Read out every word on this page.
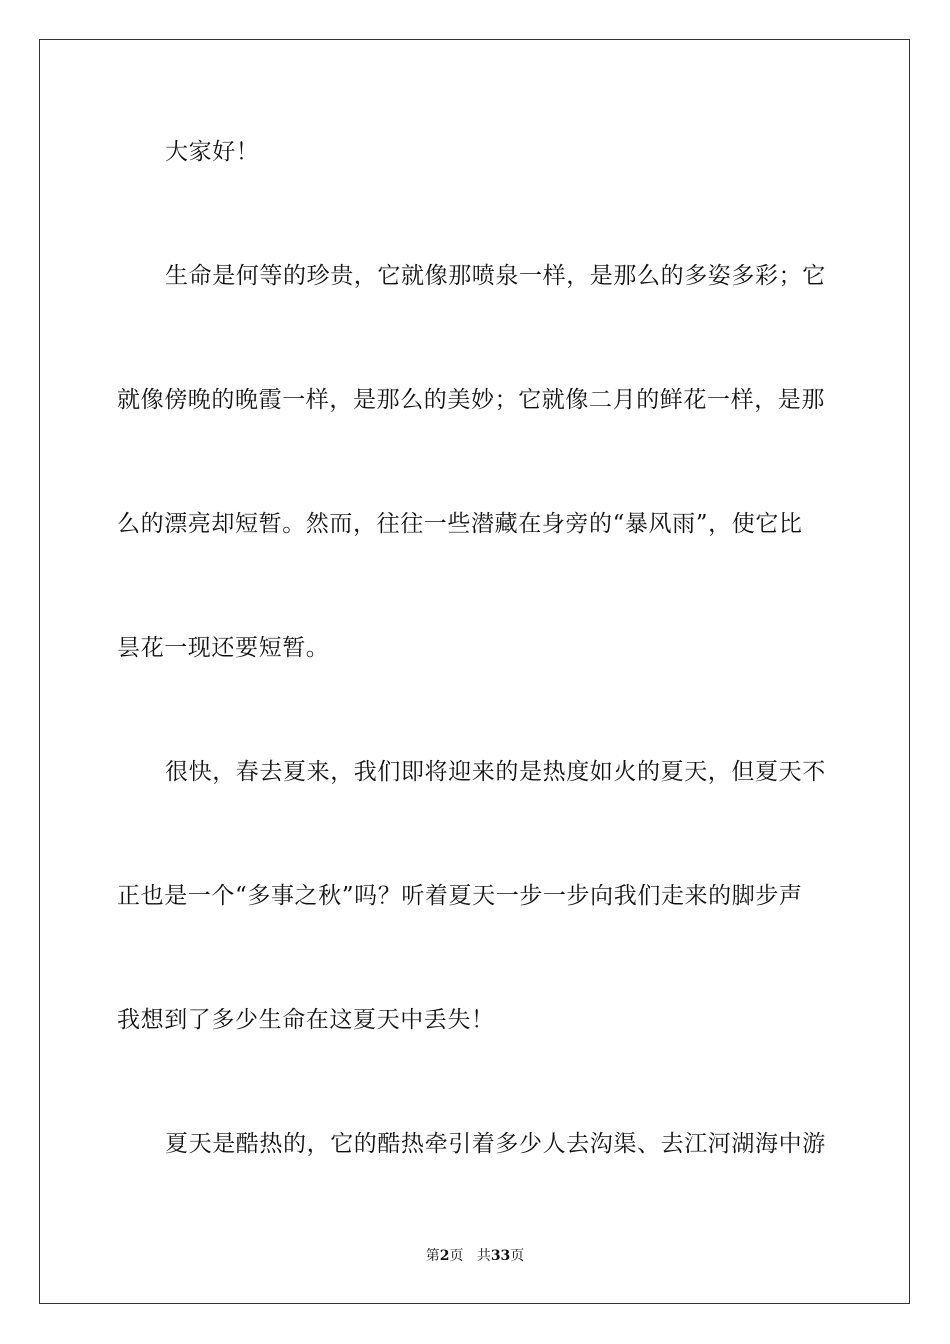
大家好！
生命是何等的珍贵，它就像那喷泉一样，是那么的多姿多彩；它
就像傍晚的晚霞一样，是那么的美妙；它就像二月的鲜花一样，是那
么的漂亮却短暂。然而，往往一些潜藏在身旁的“暴风雨”，使它比
昙花一现还要短暂。
很快，春去夏来，我们即将迎来的是热度如火的夏天，但夏天不
正也是一个“多事之秋”吗？听着夏天一步一步向我们走来的脚步声
我想到了多少生命在这夏天中丢失！
夏天是酷热的，它的酷热牵引着多少人去沟渠、去江河湖海中游
第2页 共33页
